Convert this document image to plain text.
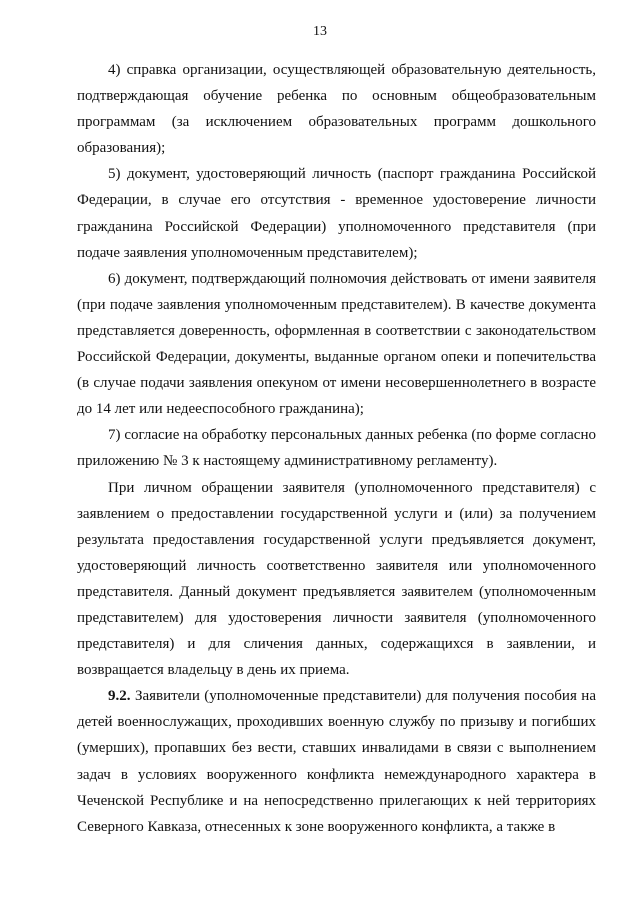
13

4) справка организации, осуществляющей образовательную деятельность, подтверждающая обучение ребенка по основным общеобразовательным программам (за исключением образовательных программ дошкольного образования);

5) документ, удостоверяющий личность (паспорт гражданина Российской Федерации, в случае его отсутствия - временное удостоверение личности гражданина Российской Федерации) уполномоченного представителя (при подаче заявления уполномоченным представителем);

6) документ, подтверждающий полномочия действовать от имени заявителя (при подаче заявления уполномоченным представителем). В качестве документа представляется доверенность, оформленная в соответствии с законодательством Российской Федерации, документы, выданные органом опеки и попечительства (в случае подачи заявления опекуном от имени несовершеннолетнего в возрасте до 14 лет или недееспособного гражданина);

7) согласие на обработку персональных данных ребенка (по форме согласно приложению № 3 к настоящему административному регламенту).

При личном обращении заявителя (уполномоченного представителя) с заявлением о предоставлении государственной услуги и (или) за получением результата предоставления государственной услуги предъявляется документ, удостоверяющий личность соответственно заявителя или уполномоченного представителя. Данный документ предъявляется заявителем (уполномоченным представителем) для удостоверения личности заявителя (уполномоченного представителя) и для сличения данных, содержащихся в заявлении, и возвращается владельцу в день их приема.

9.2. Заявители (уполномоченные представители) для получения пособия на детей военнослужащих, проходивших военную службу по призыву и погибших (умерших), пропавших без вести, ставших инвалидами в связи с выполнением задач в условиях вооруженного конфликта немеждународного характера в Чеченской Республике и на непосредственно прилегающих к ней территориях Северного Кавказа, отнесенных к зоне вооруженного конфликта, а также в
